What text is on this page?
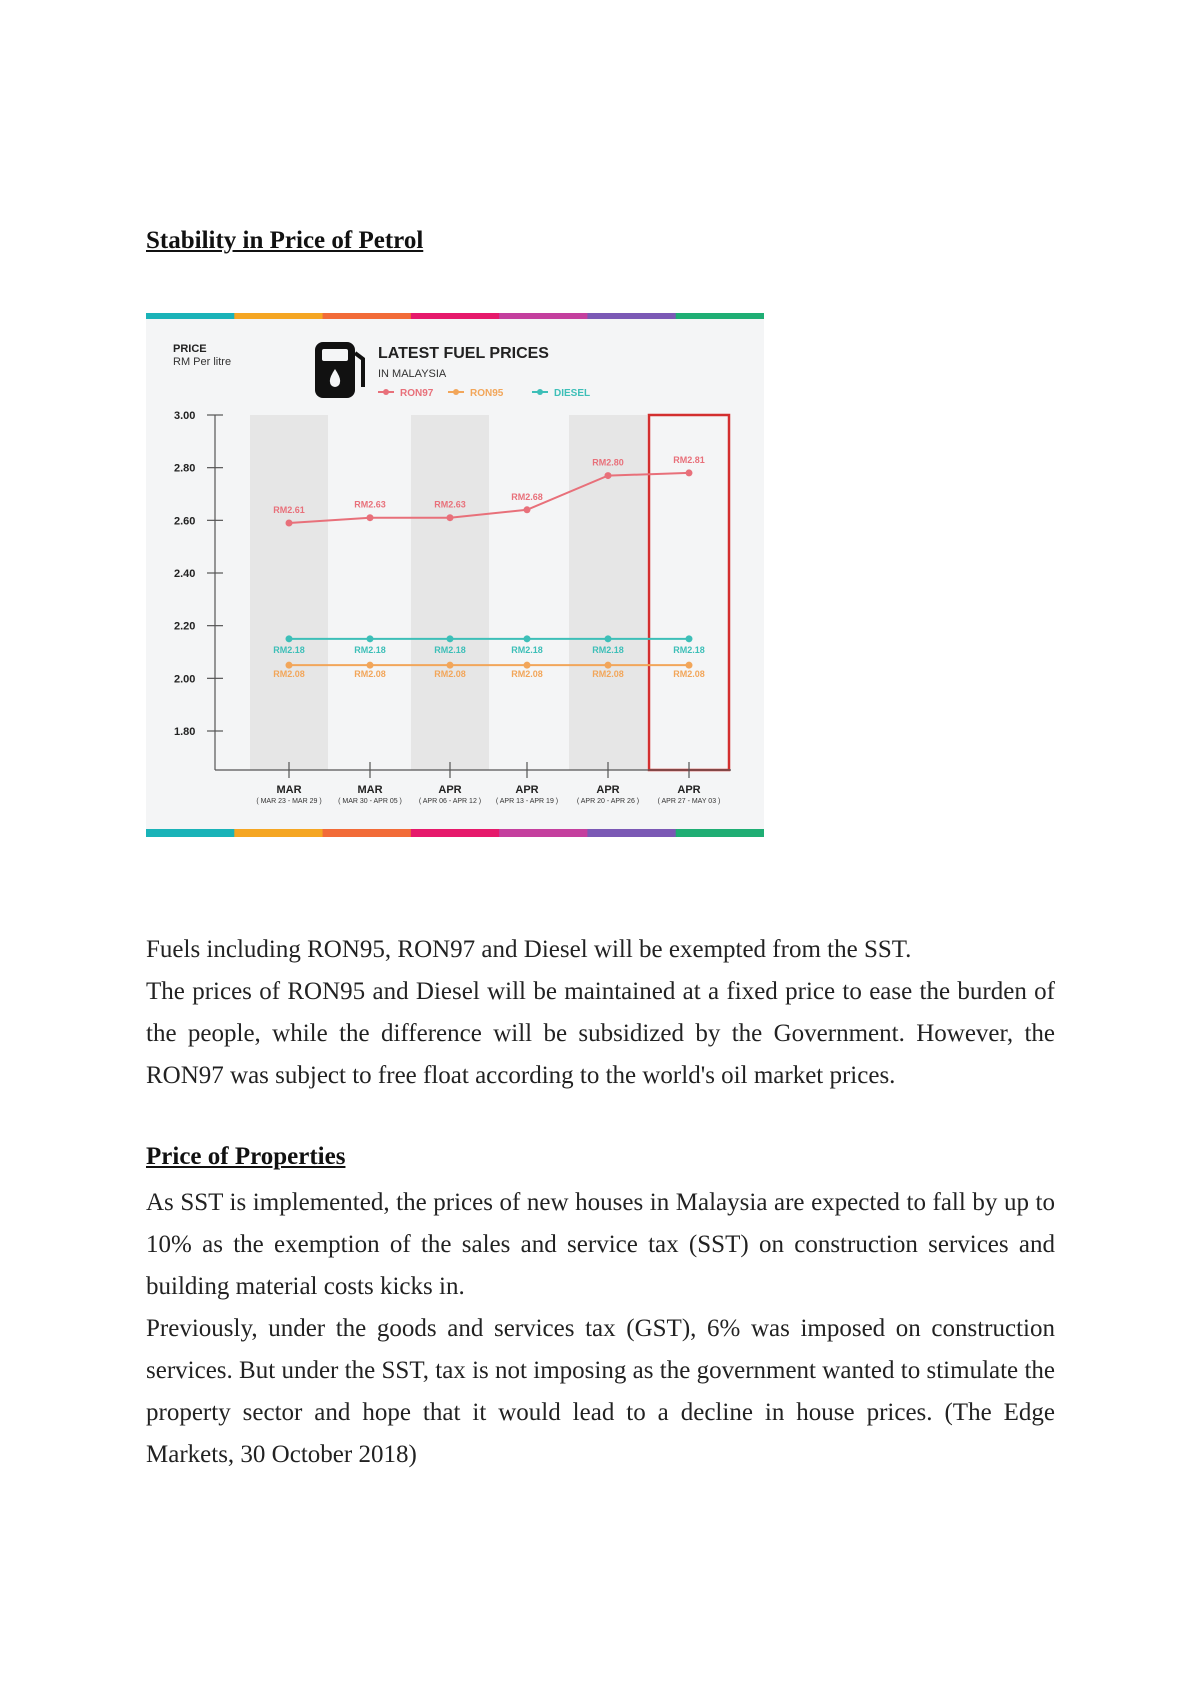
Stability in Price of Petrol
3.00
2.80
2.60
2.40
2.20
2.00
1.80
PRICE
RM Per litre	LATEST FUEL PRICES
IN MALAYSIA
RON97	RON95	DIESEL
RM2.61
RM2.63	RM2.63
RM2.68
RM2.80	RM2.81
RM2.08	RM2.08	RM2.08	RM2.08	RM2.08	RM2.08
RM2.18	RM2.18	RM2.18	RM2.18	RM2.18	RM2.18
MAR
( MAR 23 - MAR 29 )
MAR
( MAR 30 - APR 05 )
APR
( APR 06 - APR 12 )
APR
( APR 13 - APR 19 )
APR
( APR 20 - APR 26 )
APR
( APR 27 - MAY 03 )
Fuels including RON95, RON97 and Diesel will be exempted from the SST.
The prices of RON95 and Diesel will be maintained at a fixed price to ease the burden of the people, while the difference will be subsidized by the Government. However, the RON97 was subject to free float according to the world's oil market prices.
Price of Properties
As SST is implemented, the prices of new houses in Malaysia are expected to fall by up to 10% as the exemption of the sales and service tax (SST) on construction services and building material costs kicks in.
Previously, under the goods and services tax (GST), 6% was imposed on construction services. But under the SST, tax is not imposing as the government wanted to stimulate the property sector and hope that it would lead to a decline in house prices. (The Edge Markets, 30 October 2018)
